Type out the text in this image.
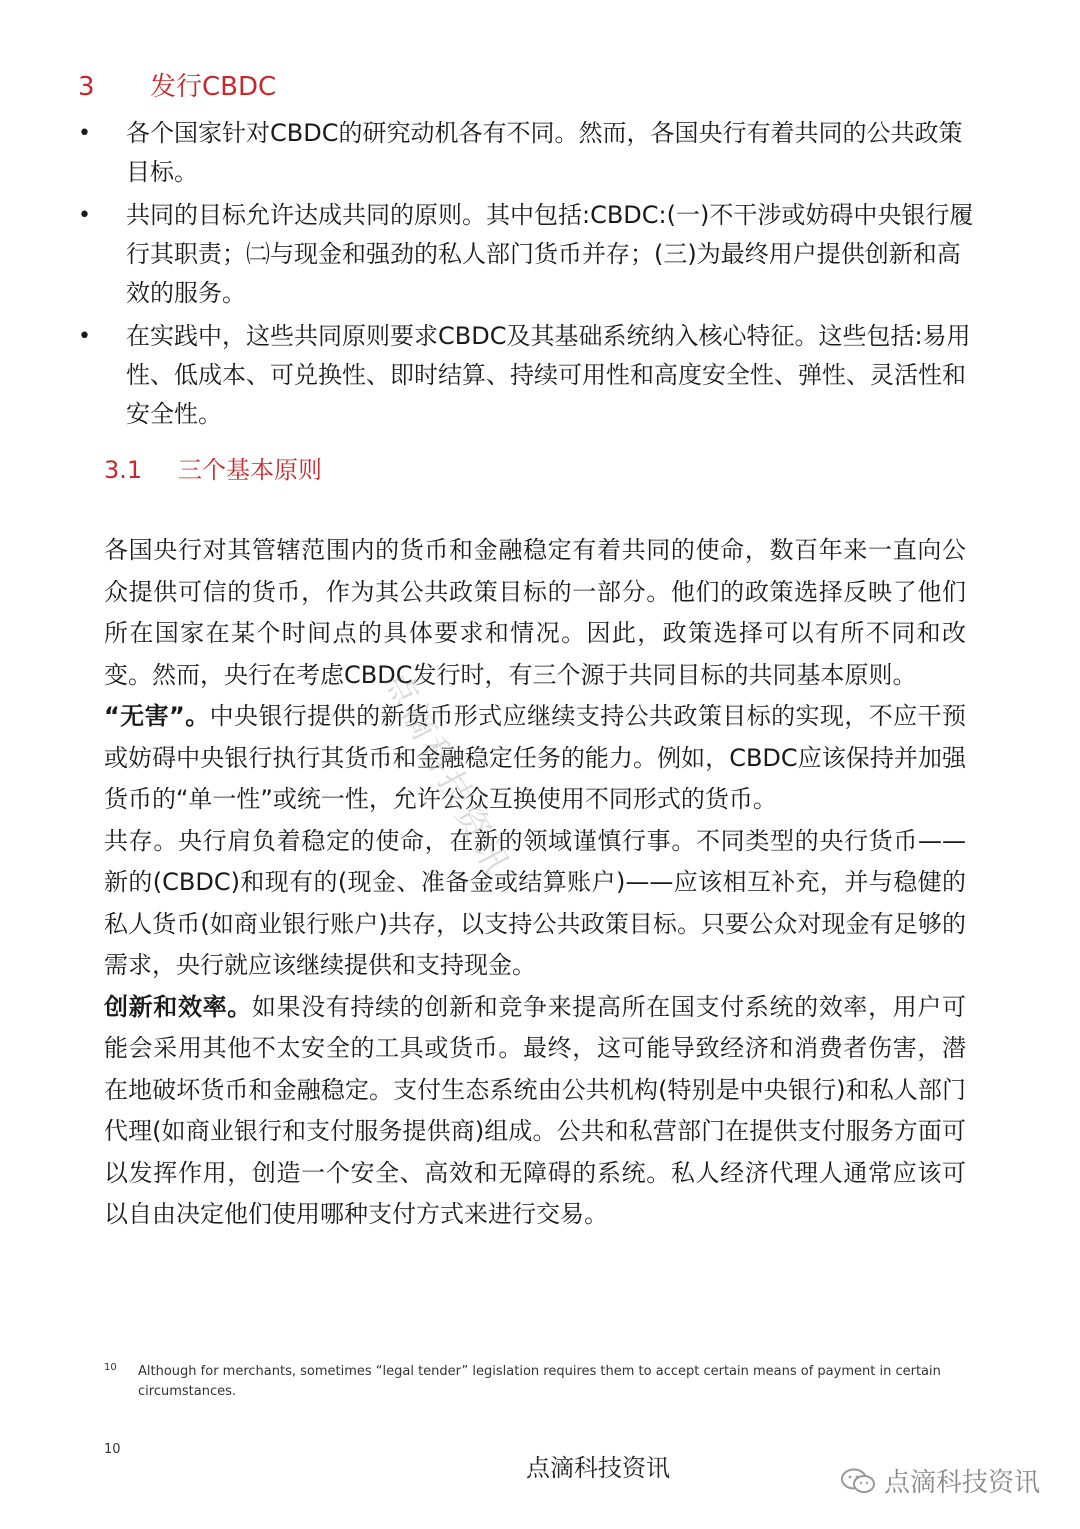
3 发行CBDC
• 各个国家针对CBDC的研究动机各有不同。然而，各国央行有着共同的公共政策目标。
• 共同的目标允许达成共同的原则。其中包括:CBDC:(一)不干涉或妨碍中央银行履行其职责；㈡与现金和强劲的私人部门货币并存；(三)为最终用户提供创新和高效的服务。
• 在实践中，这些共同原则要求CBDC及其基础系统纳入核心特征。这些包括:易用性、低成本、可兑换性、即时结算、持续可用性和高度安全性、弹性、灵活性和安全性。
3.1 三个基本原则

各国央行对其管辖范围内的货币和金融稳定有着共同的使命，数百年来一直向公众提供可信的货币，作为其公共政策目标的一部分。他们的政策选择反映了他们所在国家在某个时间点的具体要求和情况。因此，政策选择可以有所不同和改变。然而，央行在考虑CBDC发行时，有三个源于共同目标的共同基本原则。

“无害”。中央银行提供的新货币形式应继续支持公共政策目标的实现，不应干预或妨碍中央银行执行其货币和金融稳定任务的能力。例如，CBDC应该保持并加强货币的“单一性”或统一性，允许公众互换使用不同形式的货币。

共存。央行肩负着稳定的使命，在新的领域谨慎行事。不同类型的央行货币——新的(CBDC)和现有的(现金、准备金或结算账户)——应该相互补充，并与稳健的私人货币(如商业银行账户)共存，以支持公共政策目标。只要公众对现金有足够的需求，央行就应该继续提供和支持现金。

创新和效率。如果没有持续的创新和竞争来提高所在国支付系统的效率，用户可能会采用其他不太安全的工具或货币。最终，这可能导致经济和消费者伤害，潜在地破坏货币和金融稳定。支付生态系统由公共机构(特别是中央银行)和私人部门代理(如商业银行和支付服务提供商)组成。公共和私营部门在提供支付服务方面可以发挥作用，创造一个安全、高效和无障碍的系统。私人经济代理人通常应该可以自由决定他们使用哪种支付方式来进行交易。

点滴科技资讯
10 Although for merchants, sometimes “legal tender” legislation requires them to accept certain means of payment in certain circumstances.
10
点滴科技资讯	点滴科技资讯
